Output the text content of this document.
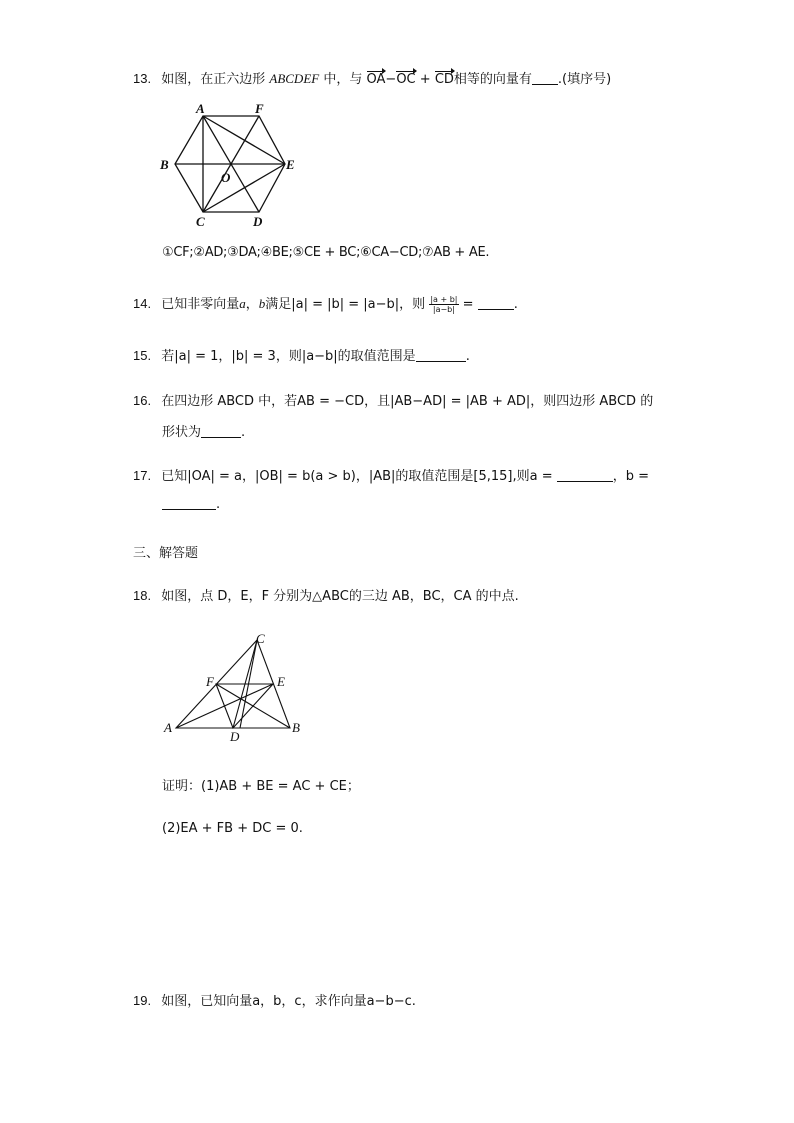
13. 如图，在正六边形 ABCDEF 中，与 OA−OC + CD相等的向量有 .(填序号)
A	F
B	E
O
C	D
①CF;②AD;③DA;④BE;⑤CE + BC;⑥CA−CD;⑦AB + AE.
14. 已知非零向量a，b满足|a| = |b| = |a−b|，则 $\frac{|a + b|}{|a-b|}$ =	.
15. 若|a| = 1，|b| = 3，则|a−b|的取值范围是	.
16. 在四边形 ABCD 中，若AB = −CD，且|AB−AD| = |AB + AD|，则四边形 ABCD 的
形状为	.
17. 已知|OA| = a，|OB| = b(a > b)，|AB|的取值范围是[5,15],则a =	，b =
.
三、解答题
18. 如图，点 D，E，F 分别为△ABC的三边 AB，BC，CA 的中点.
C
F	E
A
D
B
证明：(1)AB + BE = AC + CE；
(2)EA + FB + DC = 0.
19. 如图，已知向量a，b，c，求作向量a−b−c.
